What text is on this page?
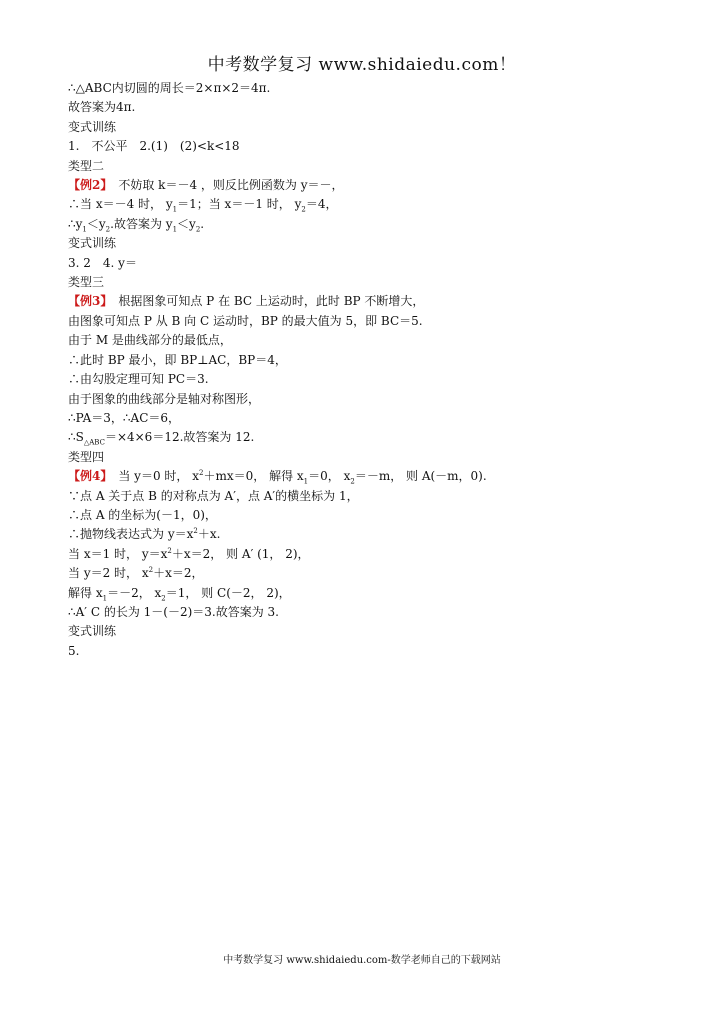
中考数学复习 www.shidaiedu.com！
∴△ABC内切圆的周长＝2×π×2＝4π.
故答案为4π.
变式训练
1.　不公平　2.(1)　(2)<k<18
类型二
【例2】　不妨取 k＝－4 ，则反比例函数为 y＝－，
∴当 x＝－4 时， $y_1=1$；当 x＝－1 时， $y_2=4$，
$\therefore y_1<y_2$.故答案为 $y_1<y_2$.
变式训练
3. 2　4. y＝
类型三
【例3】　根据图象可知点 P 在 BC 上运动时，此时 BP 不断增大，
由图象可知点 P 从 B 向 C 运动时，BP 的最大值为 5，即 BC＝5.
由于 M 是曲线部分的最低点，
∴此时 BP 最小，即 BP⊥AC，BP＝4，
∴由勾股定理可知 PC＝3.
由于图象的曲线部分是轴对称图形，
∴PA＝3，∴AC＝6，
$\therefore S_{\triangle ABC}=\times 4\times 6=12$.故答案为 12.
类型四
【例4】　当 y＝0 时， $x^2+mx=0$， 解得 $x_1=0$， $x_2=-m$， 则 A(－m，0).
∵点 A 关于点 B 的对称点为 A′，点 A′的横坐标为 1，
∴点 A 的坐标为(－1，0)，
∴抛物线表达式为 $y=x^2+x$.
当 x＝1 时， $y=x^2+x=2$， 则 A′ (1， 2)，
当 y＝2 时， $x^2+x=2$，
解得 $x_1=-2$， $x_2=1$， 则 C(－2， 2)，
∴A′ C 的长为 1－(－2)＝3.故答案为 3.
变式训练
5.
中考数学复习 www.shidaiedu.com-数学老师自己的下载网站
